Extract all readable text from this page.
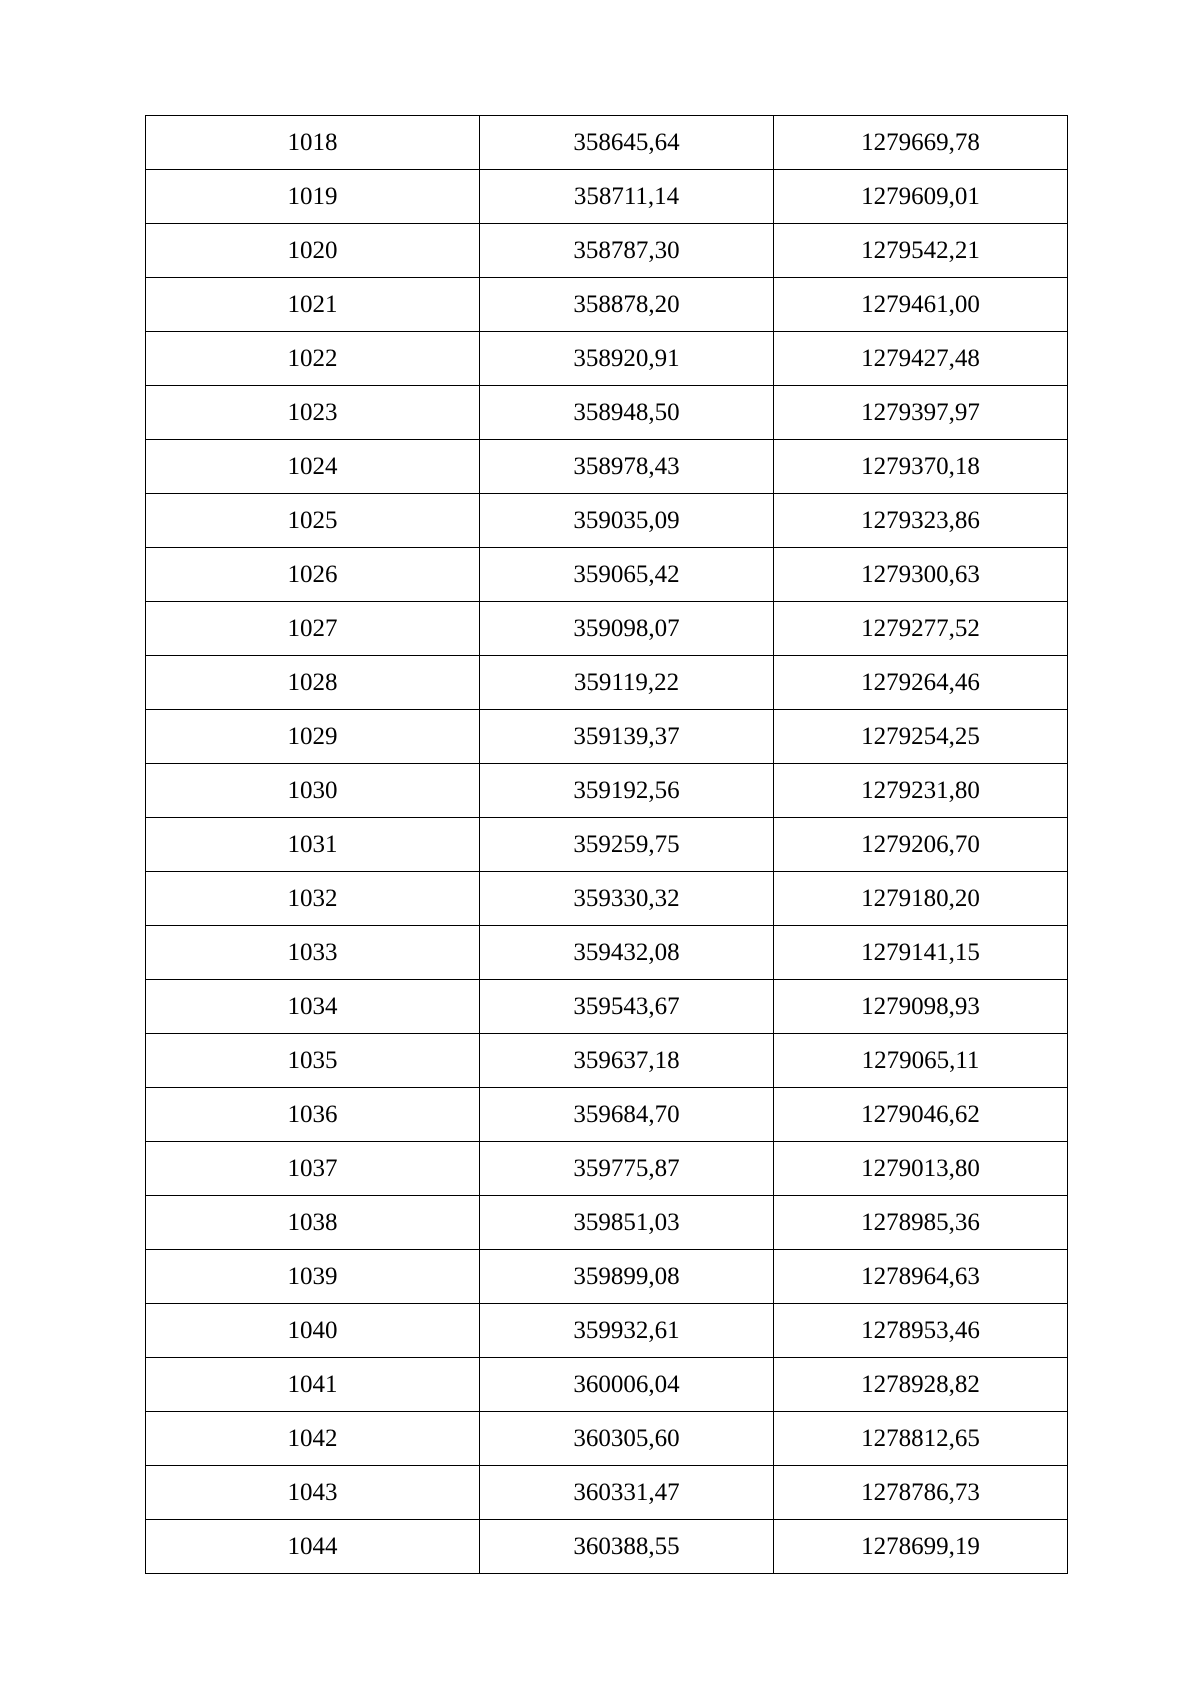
1018	358645,64	1279669,78
1019	358711,14	1279609,01
1020	358787,30	1279542,21
1021	358878,20	1279461,00
1022	358920,91	1279427,48
1023	358948,50	1279397,97
1024	358978,43	1279370,18
1025	359035,09	1279323,86
1026	359065,42	1279300,63
1027	359098,07	1279277,52
1028	359119,22	1279264,46
1029	359139,37	1279254,25
1030	359192,56	1279231,80
1031	359259,75	1279206,70
1032	359330,32	1279180,20
1033	359432,08	1279141,15
1034	359543,67	1279098,93
1035	359637,18	1279065,11
1036	359684,70	1279046,62
1037	359775,87	1279013,80
1038	359851,03	1278985,36
1039	359899,08	1278964,63
1040	359932,61	1278953,46
1041	360006,04	1278928,82
1042	360305,60	1278812,65
1043	360331,47	1278786,73
1044	360388,55	1278699,19
